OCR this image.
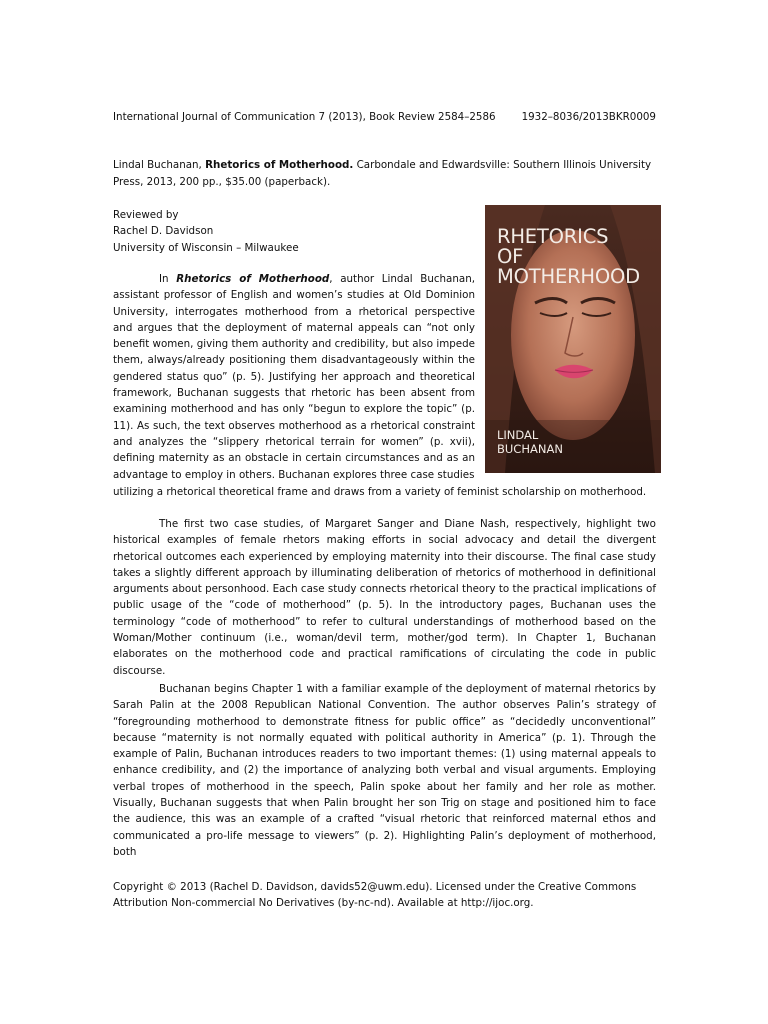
International Journal of Communication 7 (2013), Book Review 2584–2586	1932–8036/2013BKR0009
Lindal Buchanan, Rhetorics of Motherhood. Carbondale and Edwardsville: Southern Illinois University Press, 2013, 200 pp., $35.00 (paperback).
Reviewed by
Rachel D. Davidson
University of Wisconsin – Milwaukee	RHETORICS
OF
MOTHERHOOD
LINDAL
BUCHANAN

In Rhetorics of Motherhood, author Lindal Buchanan, assistant professor of English and women’s studies at Old Dominion University, interrogates motherhood from a rhetorical perspective and argues that the deployment of maternal appeals can “not only benefit women, giving them authority and credibility, but also impede them, always/already positioning them disadvantageously within the gendered status quo” (p. 5). Justifying her approach and theoretical framework, Buchanan suggests that rhetoric has been absent from examining motherhood and has only “begun to explore the topic” (p. 11). As such, the text observes motherhood as a rhetorical constraint and analyzes the “slippery rhetorical terrain for women” (p. xvii), defining maternity as an obstacle in certain circumstances and as an advantage to employ in others. Buchanan explores three case studies

utilizing a rhetorical theoretical frame and draws from a variety of feminist scholarship on motherhood.

The first two case studies, of Margaret Sanger and Diane Nash, respectively, highlight two historical examples of female rhetors making efforts in social advocacy and detail the divergent rhetorical outcomes each experienced by employing maternity into their discourse. The final case study takes a slightly different approach by illuminating deliberation of rhetorics of motherhood in definitional arguments about personhood. Each case study connects rhetorical theory to the practical implications of public usage of the “code of motherhood” (p. 5). In the introductory pages, Buchanan uses the terminology “code of motherhood” to refer to cultural understandings of motherhood based on the Woman/Mother continuum (i.e., woman/devil term, mother/god term). In Chapter 1, Buchanan elaborates on the motherhood code and practical ramifications of circulating the code in public discourse.

Buchanan begins Chapter 1 with a familiar example of the deployment of maternal rhetorics by Sarah Palin at the 2008 Republican National Convention. The author observes Palin’s strategy of “foregrounding motherhood to demonstrate fitness for public office” as “decidedly unconventional” because “maternity is not normally equated with political authority in America” (p. 1). Through the example of Palin, Buchanan introduces readers to two important themes: (1) using maternal appeals to enhance credibility, and (2) the importance of analyzing both verbal and visual arguments. Employing verbal tropes of motherhood in the speech, Palin spoke about her family and her role as mother. Visually, Buchanan suggests that when Palin brought her son Trig on stage and positioned him to face the audience, this was an example of a crafted “visual rhetoric that reinforced maternal ethos and communicated a pro-life message to viewers” (p. 2). Highlighting Palin’s deployment of motherhood, both

Copyright © 2013 (Rachel D. Davidson, davids52@uwm.edu). Licensed under the Creative Commons
Attribution Non-commercial No Derivatives (by-nc-nd). Available at http://ijoc.org.
